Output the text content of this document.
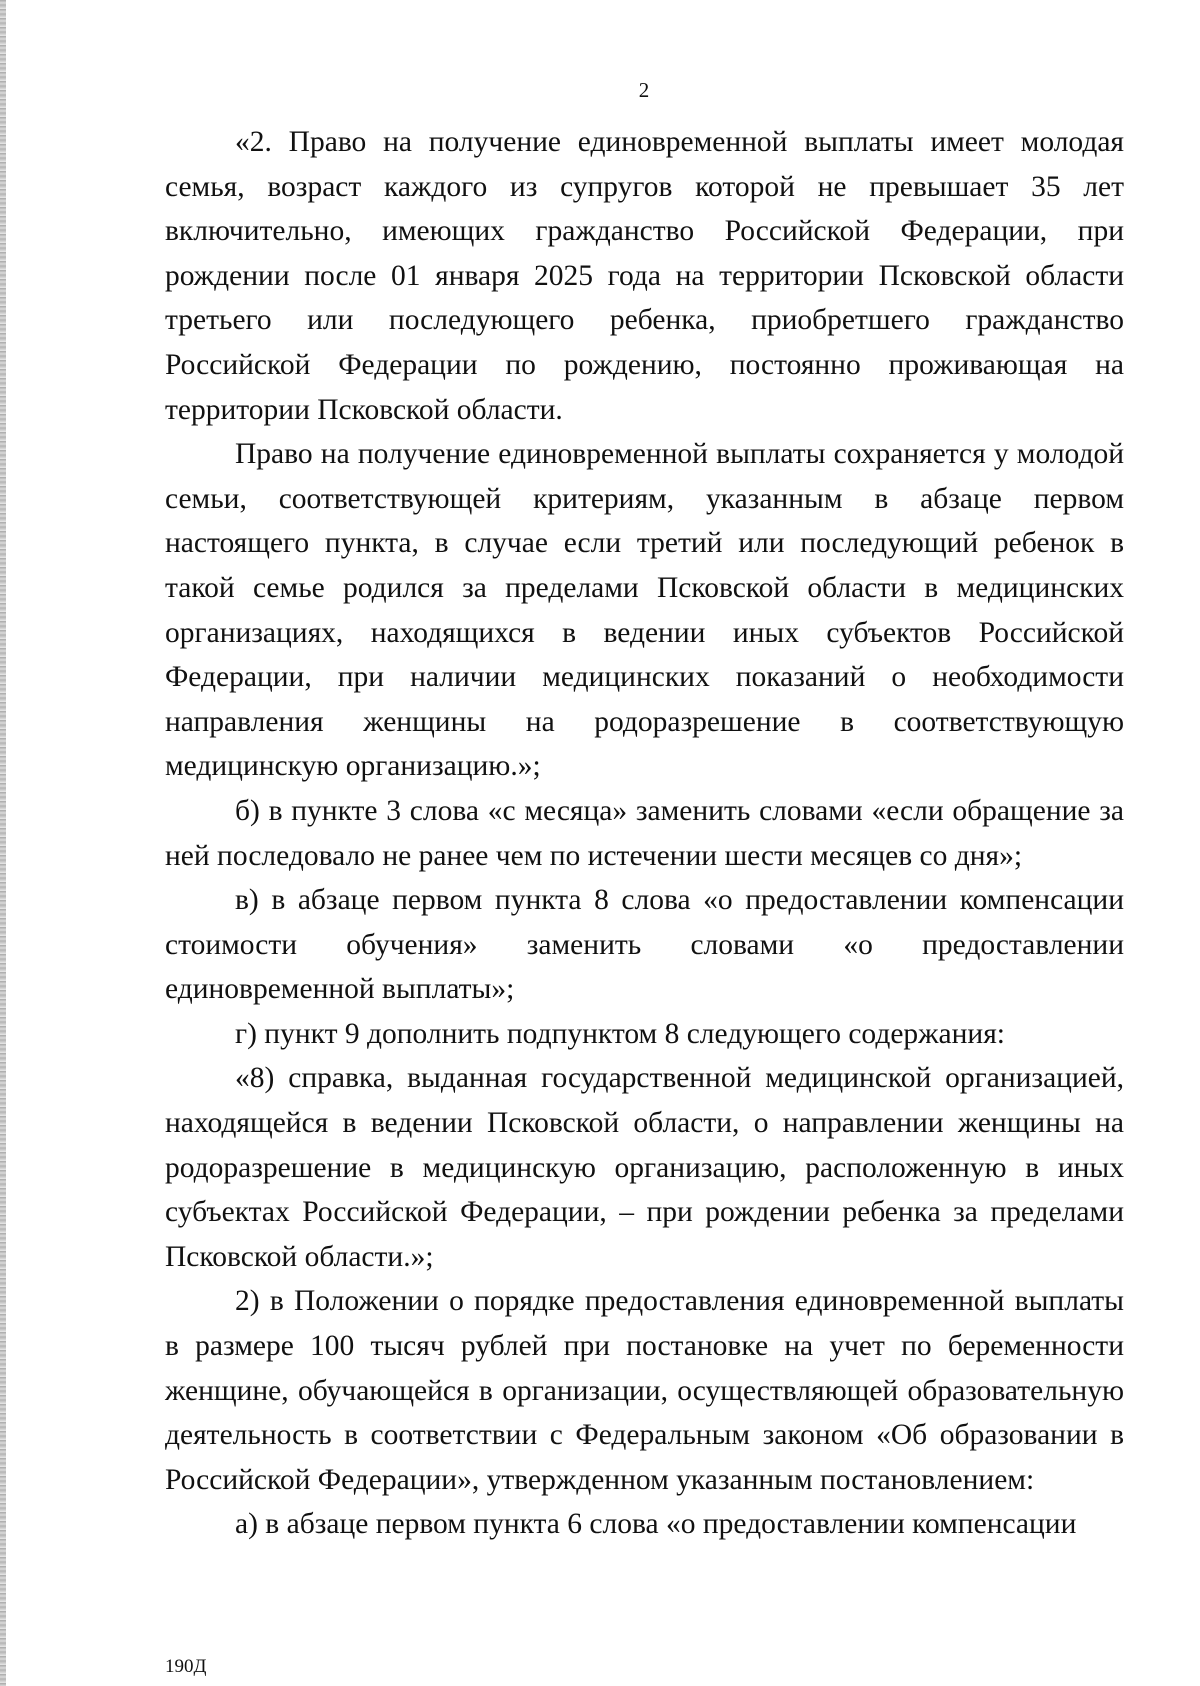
2

«2. Право на получение единовременной выплаты имеет молодая семья, возраст каждого из супругов которой не превышает 35 лет включительно, имеющих гражданство Российской Федерации, при рождении после 01 января 2025 года на территории Псковской области третьего или последующего ребенка, приобретшего гражданство Российской Федерации по рождению, постоянно проживающая на территории Псковской области.

Право на получение единовременной выплаты сохраняется у молодой семьи, соответствующей критериям, указанным в абзаце первом настоящего пункта, в случае если третий или последующий ребенок в такой семье родился за пределами Псковской области в медицинских организациях, находящихся в ведении иных субъектов Российской Федерации, при наличии медицинских показаний о необходимости направления женщины на родоразрешение в соответствующую медицинскую организацию.»;

б) в пункте 3 слова «с месяца» заменить словами «если обращение за ней последовало не ранее чем по истечении шести месяцев со дня»;

в) в абзаце первом пункта 8 слова «о предоставлении компенсации стоимости обучения» заменить словами «о предоставлении единовременной выплаты»;

г) пункт 9 дополнить подпунктом 8 следующего содержания:

«8) справка, выданная государственной медицинской организацией, находящейся в ведении Псковской области, о направлении женщины на родоразрешение в медицинскую организацию, расположенную в иных субъектах Российской Федерации, – при рождении ребенка за пределами Псковской области.»;

2) в Положении о порядке предоставления единовременной выплаты в размере 100 тысяч рублей при постановке на учет по беременности женщине, обучающейся в организации, осуществляющей образовательную деятельность в соответствии с Федеральным законом «Об образовании в Российской Федерации», утвержденном указанным постановлением:

а) в абзаце первом пункта 6 слова «о предоставлении компенсации

190Д
